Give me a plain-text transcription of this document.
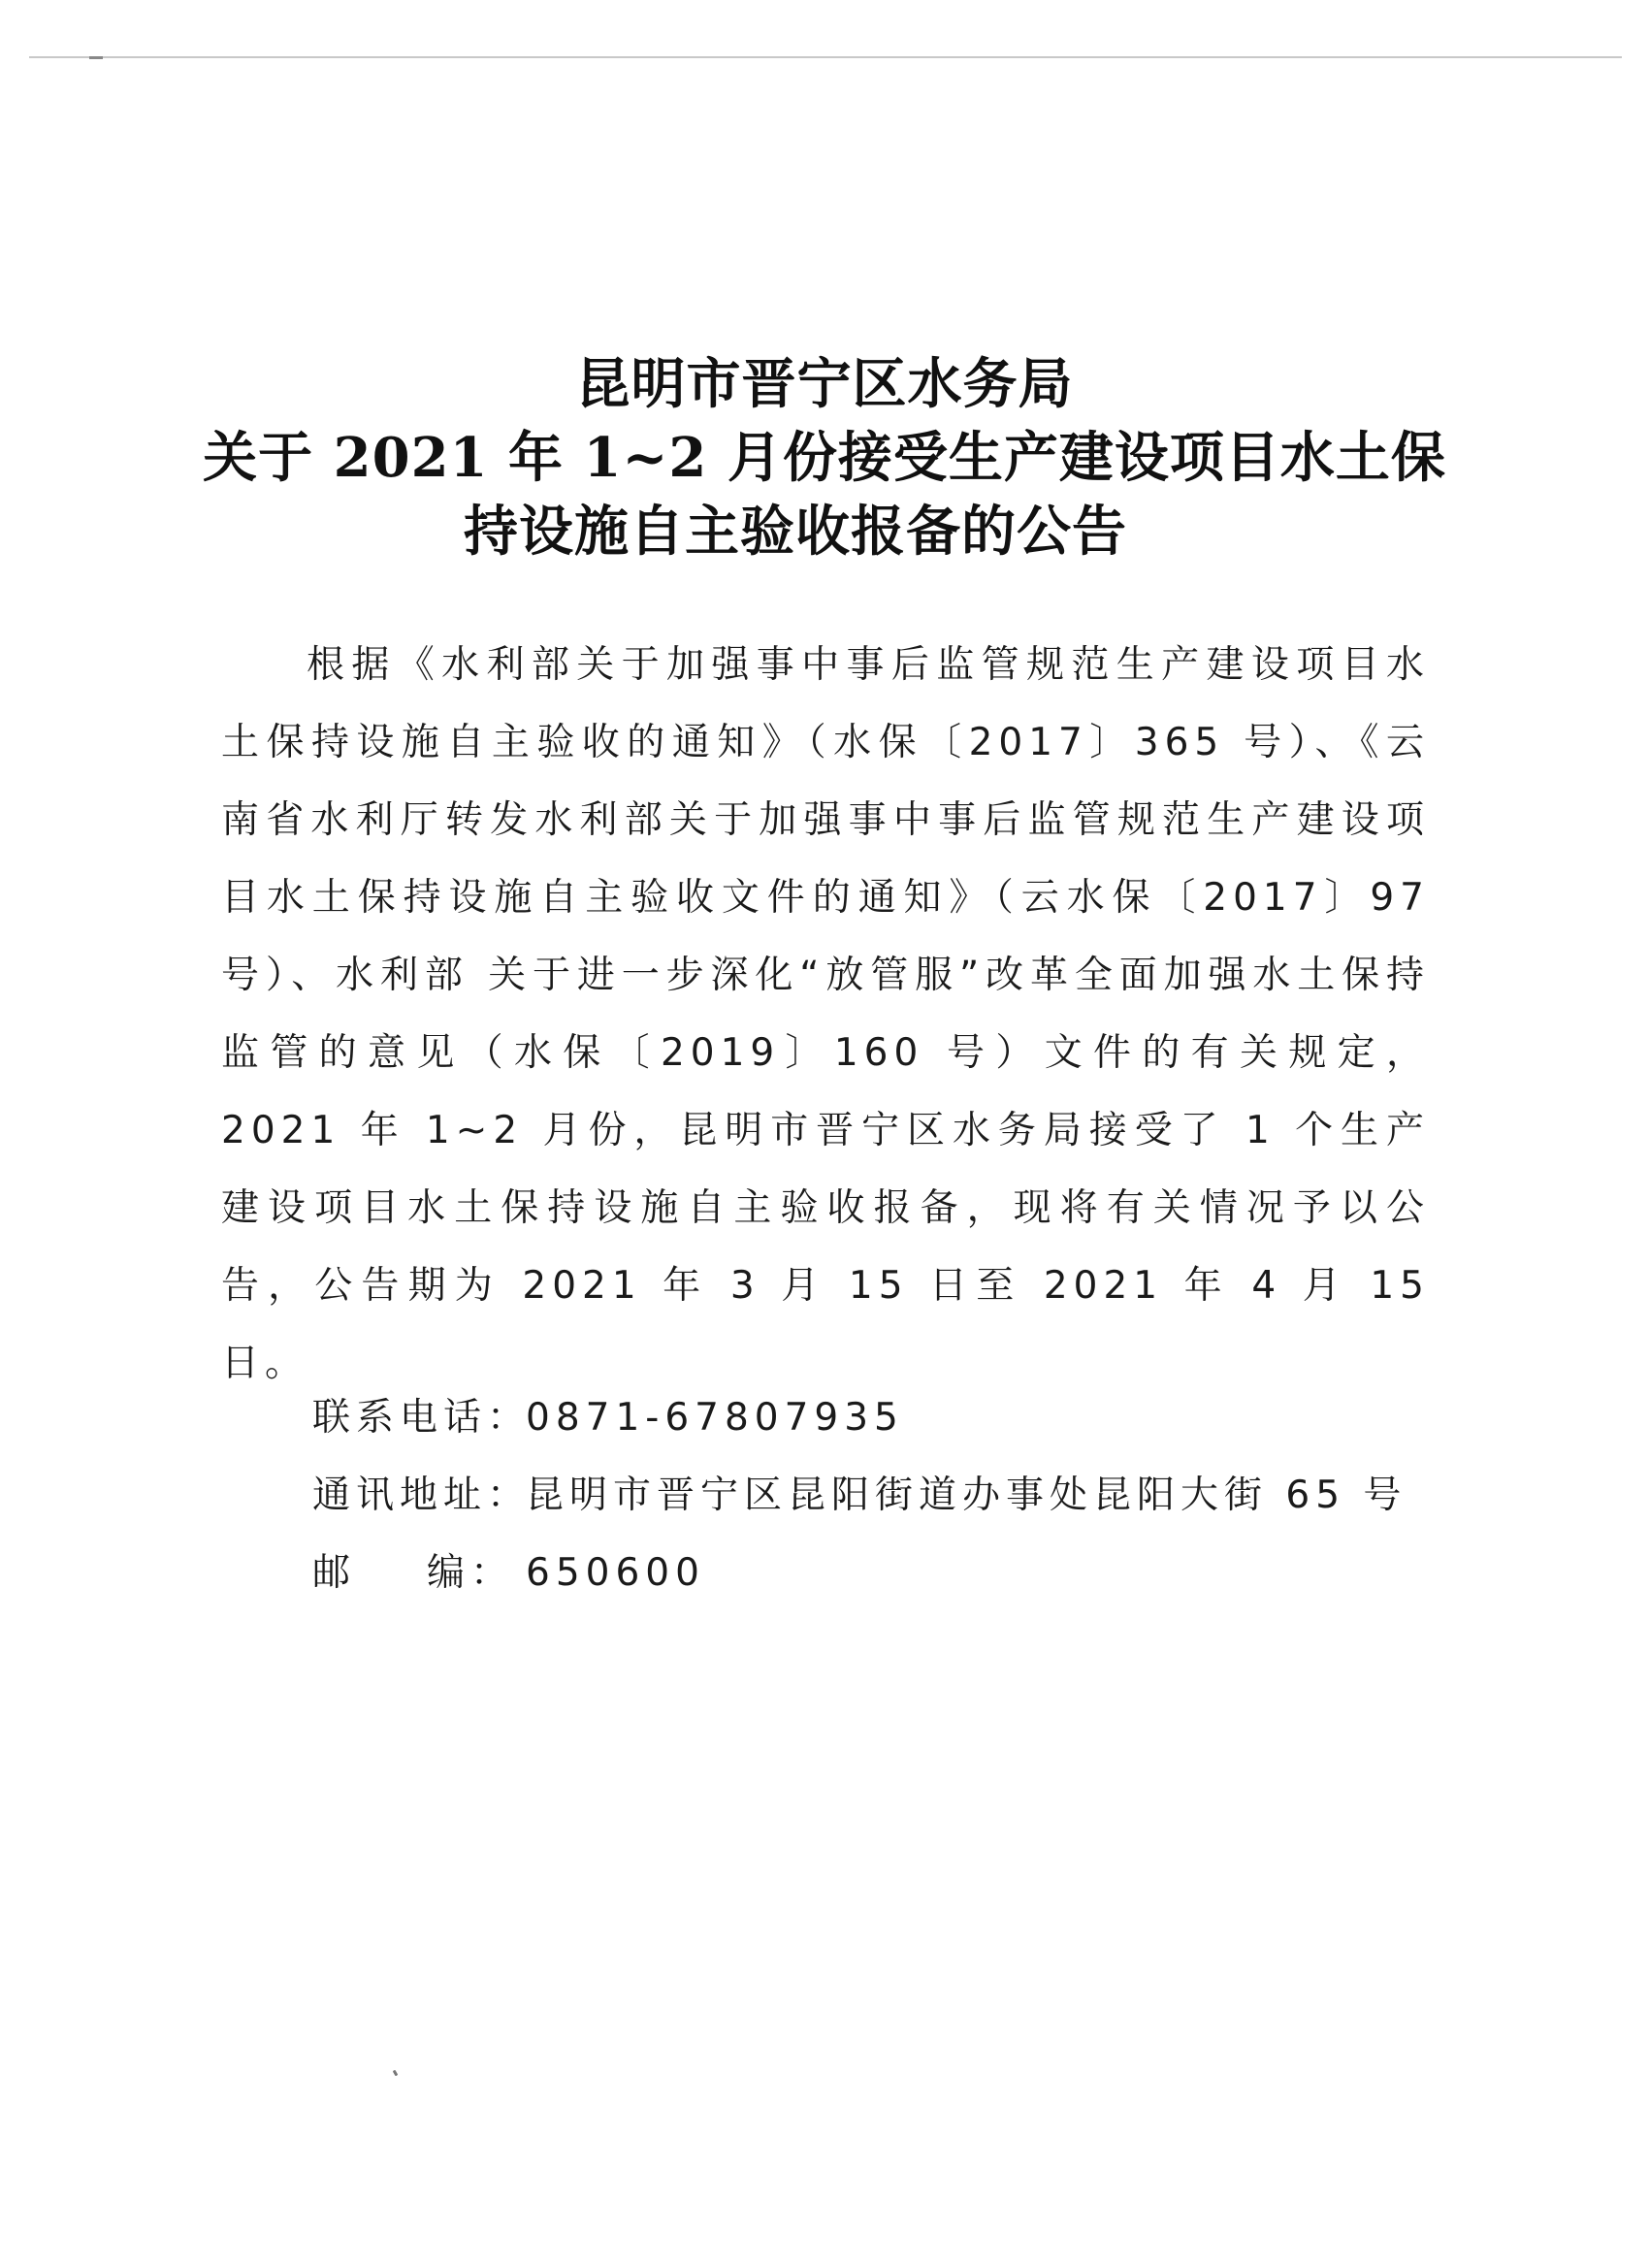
昆明市晋宁区水务局
关于 2021 年 1~2 月份接受生产建设项目水土保
持设施自主验收报备的公告

根据《水利部关于加强事中事后监管规范生产建设项目水土保持设施自主验收的通知》（水保〔2017〕365 号）、《云南省水利厅转发水利部关于加强事中事后监管规范生产建设项目水土保持设施自主验收文件的通知》（云水保〔2017〕97 号）、水利部 关于进一步深化“放管服”改革全面加强水土保持监管的意见（水保〔2019〕160 号）文件的有关规定，2021 年 1~2 月份，昆明市晋宁区水务局接受了 1 个生产建设项目水土保持设施自主验收报备，现将有关情况予以公告，公告期为 2021 年 3 月 15 日至 2021 年 4 月 15 日。

联系电话：0871-67807935
通讯地址：昆明市晋宁区昆阳街道办事处昆阳大街 65 号
邮 编： 650600
